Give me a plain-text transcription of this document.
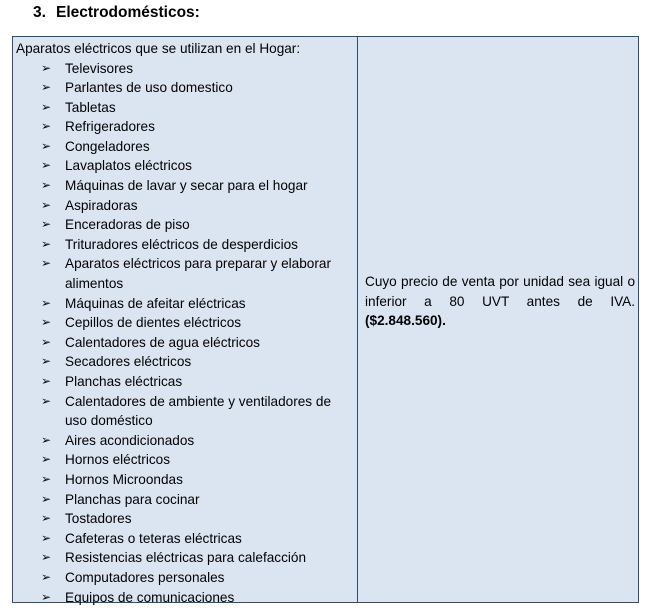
3. Electrodomésticos:
Aparatos eléctricos que se utilizan en el Hogar:
➢ Televisores
➢ Parlantes de uso domestico
➢ Tabletas
➢ Refrigeradores
➢ Congeladores
➢ Lavaplatos eléctricos
➢ Máquinas de lavar y secar para el hogar
➢ Aspiradoras
➢ Enceradoras de piso
➢ Trituradores eléctricos de desperdicios
➢ Aparatos eléctricos para preparar y elaborar alimentos
➢ Máquinas de afeitar eléctricas
➢ Cepillos de dientes eléctricos
➢ Calentadores de agua eléctricos
➢ Secadores eléctricos
➢ Planchas eléctricas
➢ Calentadores de ambiente y ventiladores de uso doméstico
➢ Aires acondicionados
➢ Hornos eléctricos
➢ Hornos Microondas
➢ Planchas para cocinar
➢ Tostadores
➢ Cafeteras o teteras eléctricas
➢ Resistencias eléctricas para calefacción
➢ Computadores personales
➢ Equipos de comunicaciones
Cuyo precio de venta por unidad sea igual o inferior a 80 UVT antes de IVA. ($2.848.560).
